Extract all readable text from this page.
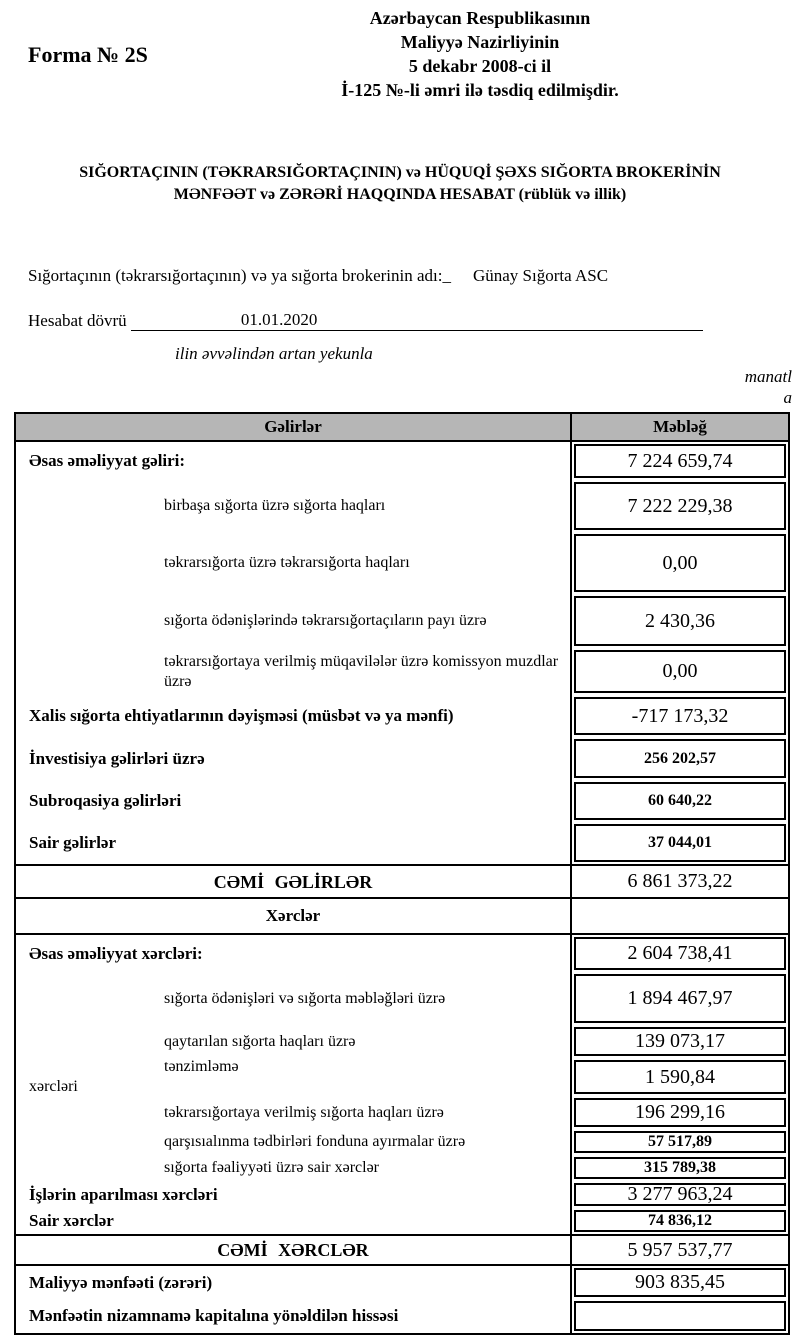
Forma № 2S
Azərbaycan Respublikasının
Maliyyə Nazirliyinin
5 dekabr 2008-ci il
İ-125 №-li əmri ilə təsdiq edilmişdir.
SIĞORTAÇININ (TƏKRARSIĞORTAÇININ) və HÜQUQİ ŞƏXS SIĞORTA BROKERİNİN
MƏNFƏƏT və ZƏRƏRİ HAQQINDA HESABAT (rüblük və illik)
Sığortaçının (təkrarsığortaçının) və ya sığorta brokerinin adı:_ Günay Sığorta ASC
Hesabat dövrü	01.01.2020
ilin əvvəlindən artan yekunla
manatl
a
Gəlirlər	Məbləğ
Əsas əməliyyat gəliri:	7 224 659,74
birbaşa sığorta üzrə sığorta haqları	7 222 229,38
təkrarsığorta üzrə təkrarsığorta haqları	0,00
sığorta ödənişlərində təkrarsığortaçıların payı üzrə	2 430,36
təkrarsığortaya verilmiş müqavilələr üzrə komissyon muzdlar üzrə	0,00
Xalis sığorta ehtiyatlarının dəyişməsi (müsbət və ya mənfi)	-717 173,32
İnvestisiya gəlirləri üzrə	256 202,57
Subroqasiya gəlirləri	60 640,22
Sair gəlirlər	37 044,01
CƏMİ GƏLİRLƏR	6 861 373,22
Xərclər
Əsas əməliyyat xərcləri:	2 604 738,41
sığorta ödənişləri və sığorta məbləğləri üzrə	1 894 467,97
qaytarılan sığorta haqları üzrə	139 073,17
tənzimləmə
xərcləri	1 590,84
təkrarsığortaya verilmiş sığorta haqları üzrə	196 299,16
qarşısıalınma tədbirləri fonduna ayırmalar üzrə	57 517,89
sığorta fəaliyyəti üzrə sair xərclər	315 789,38
İşlərin aparılması xərcləri	3 277 963,24
Sair xərclər	74 836,12
CƏMİ XƏRCLƏR	5 957 537,77
Maliyyə mənfəəti (zərəri)	903 835,45
Mənfəətin nizamnamə kapitalına yönəldilən hissəsi
